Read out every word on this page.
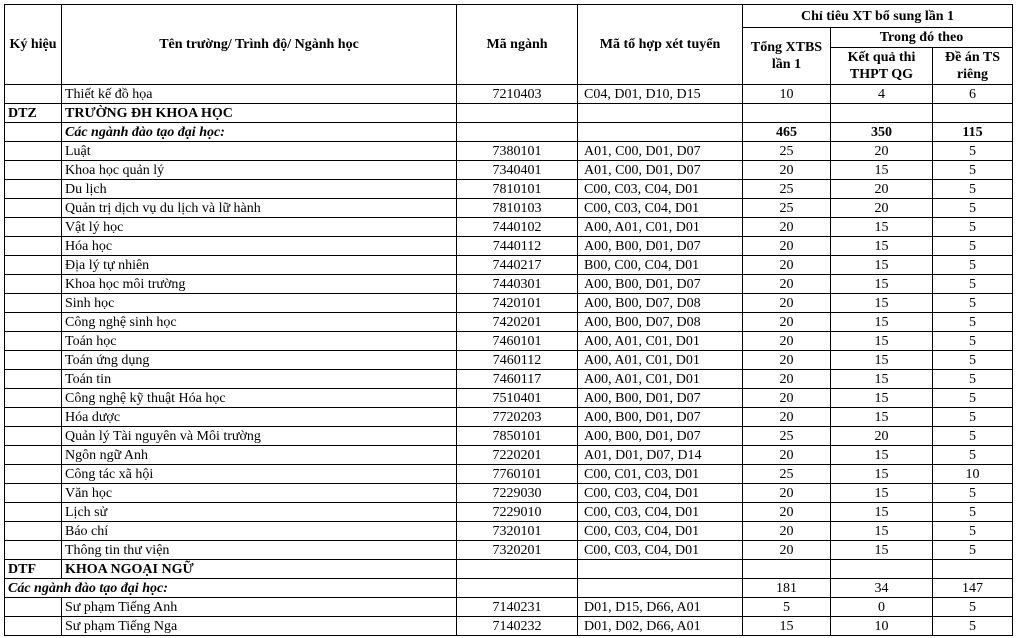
Ký hiệu	Tên trường/ Trình độ/ Ngành học	Mã ngành	Mã tổ hợp xét tuyển	Chỉ tiêu XT bổ sung lần 1		
				Tổng XTBS lần 1	Trong đó theo	
					Kết quả thi THPT QG	Đề án TS riêng
	Thiết kế đồ họa	7210403	C04, D01, D10, D15	10	4	6
DTZ	TRƯỜNG ĐH KHOA HỌC					
	Các ngành đào tạo đại học:			465	350	115
	Luật	7380101	A01, C00, D01, D07	25	20	5
	Khoa học quản lý	7340401	A01, C00, D01, D07	20	15	5
	Du lịch	7810101	C00, C03, C04, D01	25	20	5
	Quản trị dịch vụ du lịch và lữ hành	7810103	C00, C03, C04, D01	25	20	5
	Vật lý học	7440102	A00, A01, C01, D01	20	15	5
	Hóa học	7440112	A00, B00, D01, D07	20	15	5
	Địa lý tự nhiên	7440217	B00, C00, C04, D01	20	15	5
	Khoa học môi trường	7440301	A00, B00, D01, D07	20	15	5
	Sinh học	7420101	A00, B00, D07, D08	20	15	5
	Công nghệ sinh học	7420201	A00, B00, D07, D08	20	15	5
	Toán học	7460101	A00, A01, C01, D01	20	15	5
	Toán ứng dụng	7460112	A00, A01, C01, D01	20	15	5
	Toán tin	7460117	A00, A01, C01, D01	20	15	5
	Công nghệ kỹ thuật Hóa học	7510401	A00, B00, D01, D07	20	15	5
	Hóa dược	7720203	A00, B00, D01, D07	20	15	5
	Quản lý Tài nguyên và Môi trường	7850101	A00, B00, D01, D07	25	20	5
	Ngôn ngữ Anh	7220201	A01, D01, D07, D14	20	15	5
	Công tác xã hội	7760101	C00, C01, C03, D01	25	15	10
	Văn học	7229030	C00, C03, C04, D01	20	15	5
	Lịch sử	7229010	C00, C03, C04, D01	20	15	5
	Báo chí	7320101	C00, C03, C04, D01	20	15	5
	Thông tin thư viện	7320201	C00, C03, C04, D01	20	15	5
DTF	KHOA NGOẠI NGỮ					
Các ngành đào tạo đại học:				181	34	147
	Sư phạm Tiếng Anh	7140231	D01, D15, D66, A01	5	0	5
	Sư phạm Tiếng Nga	7140232	D01, D02, D66, A01	15	10	5
